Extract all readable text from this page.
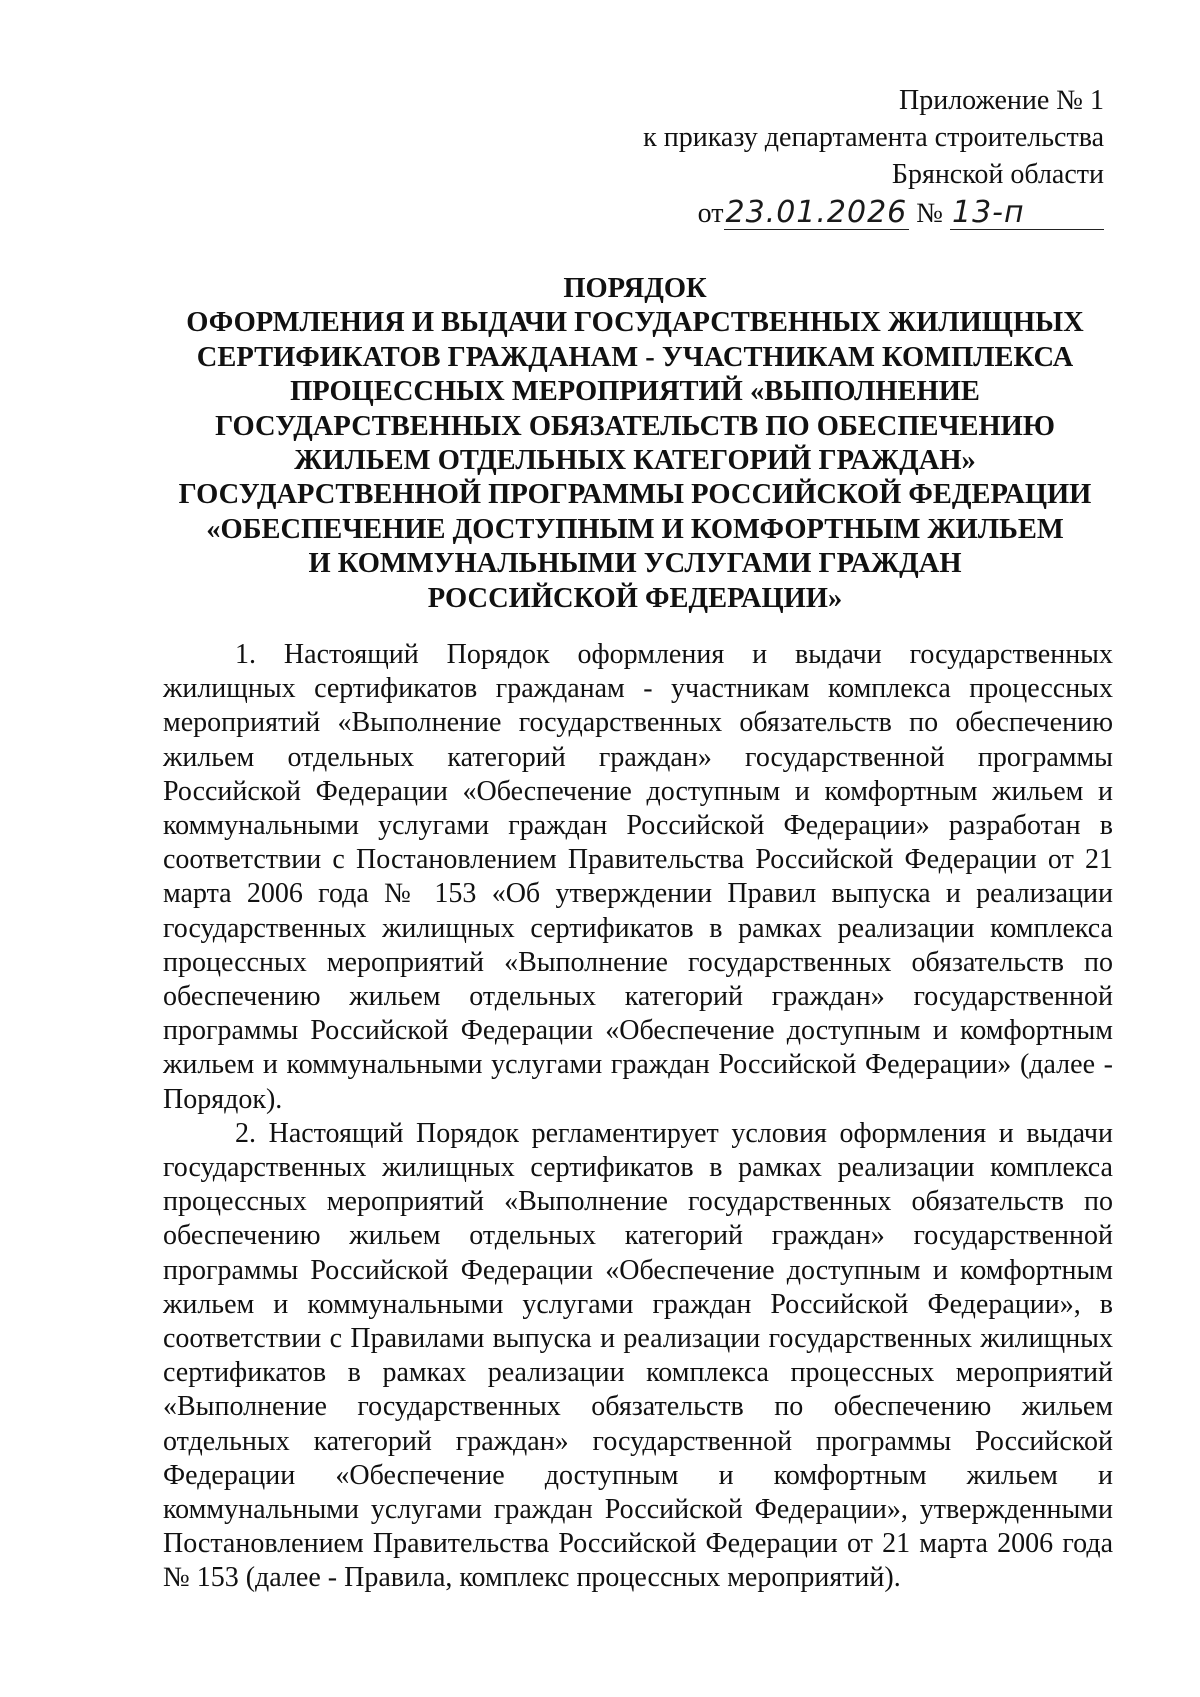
Приложение № 1
к приказу департамента строительства
Брянской области
от23.01.2026 № 13-п
ПОРЯДОК
ОФОРМЛЕНИЯ И ВЫДАЧИ ГОСУДАРСТВЕННЫХ ЖИЛИЩНЫХ
СЕРТИФИКАТОВ ГРАЖДАНАМ - УЧАСТНИКАМ КОМПЛЕКСА
ПРОЦЕССНЫХ МЕРОПРИЯТИЙ «ВЫПОЛНЕНИЕ
ГОСУДАРСТВЕННЫХ ОБЯЗАТЕЛЬСТВ ПО ОБЕСПЕЧЕНИЮ
ЖИЛЬЕМ ОТДЕЛЬНЫХ КАТЕГОРИЙ ГРАЖДАН»
ГОСУДАРСТВЕННОЙ ПРОГРАММЫ РОССИЙСКОЙ ФЕДЕРАЦИИ
«ОБЕСПЕЧЕНИЕ ДОСТУПНЫМ И КОМФОРТНЫМ ЖИЛЬЕМ
И КОММУНАЛЬНЫМИ УСЛУГАМИ ГРАЖДАН
РОССИЙСКОЙ ФЕДЕРАЦИИ»

1. Настоящий Порядок оформления и выдачи государственных жилищных сертификатов гражданам - участникам комплекса процессных мероприятий «Выполнение государственных обязательств по обеспечению жильем отдельных категорий граждан» государственной программы Российской Федерации «Обеспечение доступным и комфортным жильем и коммунальными услугами граждан Российской Федерации» разработан в соответствии с Постановлением Правительства Российской Федерации от 21 марта 2006 года № 153 «Об утверждении Правил выпуска и реализации государственных жилищных сертификатов в рамках реализации комплекса процессных мероприятий «Выполнение государственных обязательств по обеспечению жильем отдельных категорий граждан» государственной программы Российской Федерации «Обеспечение доступным и комфортным жильем и коммунальными услугами граждан Российской Федерации» (далее - Порядок).

2. Настоящий Порядок регламентирует условия оформления и выдачи государственных жилищных сертификатов в рамках реализации комплекса процессных мероприятий «Выполнение государственных обязательств по обеспечению жильем отдельных категорий граждан» государственной программы Российской Федерации «Обеспечение доступным и комфортным жильем и коммунальными услугами граждан Российской Федерации», в соответствии с Правилами выпуска и реализации государственных жилищных сертификатов в рамках реализации комплекса процессных мероприятий «Выполнение государственных обязательств по обеспечению жильем отдельных категорий граждан» государственной программы Российской Федерации «Обеспечение доступным и комфортным жильем и коммунальными услугами граждан Российской Федерации», утвержденными Постановлением Правительства Российской Федерации от 21 марта 2006 года № 153 (далее - Правила, комплекс процессных мероприятий).
